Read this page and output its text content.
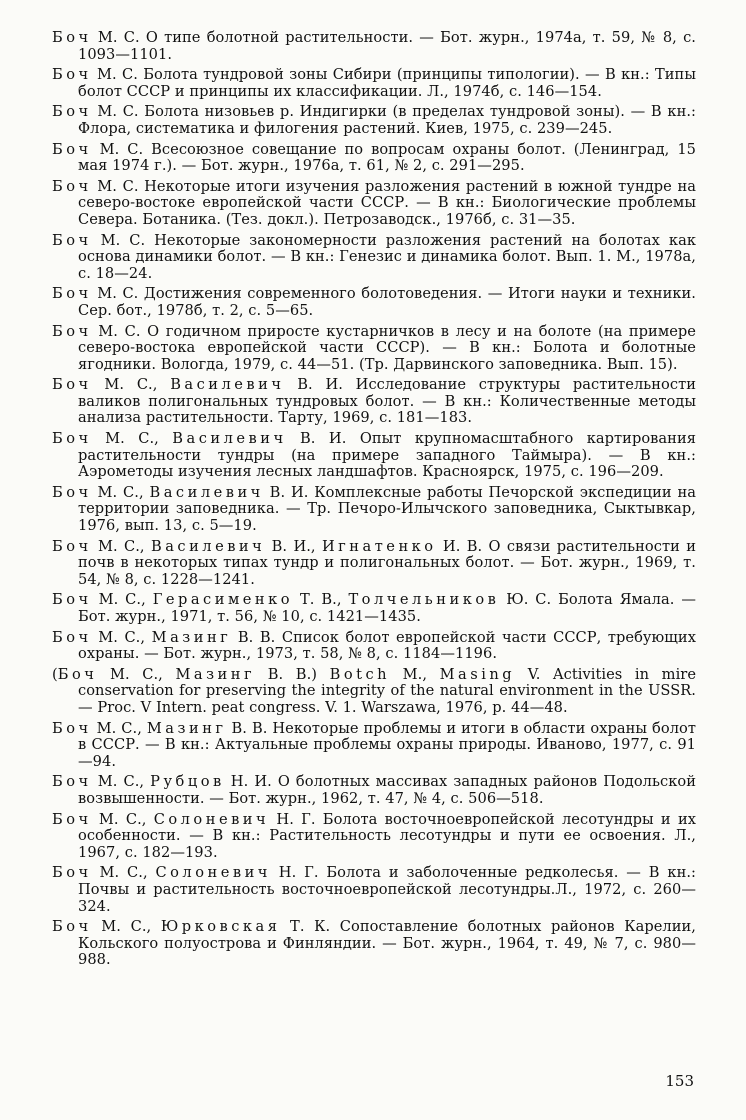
Боч М. С. О типе болотной растительности. — Бот. журн., 1974а, т. 59, № 8, с. 1093—1101.

Боч М. С. Болота тундровой зоны Сибири (принципы типологии). — В кн.: Типы болот СССР и принципы их классификации. Л., 1974б, с. 146—154.

Боч М. С. Болота низовьев р. Индигирки (в пределах тундровой зоны). — В кн.: Флора, систематика и филогения растений. Киев, 1975, с. 239—245.

Боч М. С. Всесоюзное совещание по вопросам охраны болот. (Ленинград, 15 мая 1974 г.). — Бот. журн., 1976а, т. 61, № 2, с. 291—295.

Боч М. С. Некоторые итоги изучения разложения растений в южной тундре на северо-востоке европейской части СССР. — В кн.: Биологические проблемы Севера. Ботаника. (Тез. докл.). Петрозаводск., 1976б, с. 31—35.

Боч М. С. Некоторые закономерности разложения растений на болотах как основа динамики болот. — В кн.: Генезис и динамика болот. Вып. 1. М., 1978а, с. 18—24.

Боч М. С. Достижения современного болотоведения. — Итоги науки и техники. Сер. бот., 1978б, т. 2, с. 5—65.

Боч М. С. О годичном приросте кустарничков в лесу и на болоте (на примере северо-востока европейской части СССР). — В кн.: Болота и болотные ягодники. Вологда, 1979, с. 44—51. (Тр. Дарвинского заповедника. Вып. 15).

Боч М. С., Василевич В. И. Исследование структуры растительности валиков полигональных тундровых болот. — В кн.: Количественные методы анализа растительности. Тарту, 1969, с. 181—183.

Боч М. С., Василевич В. И. Опыт крупномасштабного картирования растительности тундры (на примере западного Таймыра). — В кн.: Аэрометоды изучения лесных ландшафтов. Красноярск, 1975, с. 196—209.

Боч М. С., Василевич В. И. Комплексные работы Печорской экспедиции на территории заповедника. — Тр. Печоро-Илычского заповедника, Сыктывкар, 1976, вып. 13, с. 5—19.

Боч М. С., Василевич В. И., Игнатенко И. В. О связи растительности и почв в некоторых типах тундр и полигональных болот. — Бот. журн., 1969, т. 54, № 8, с. 1228—1241.

Боч М. С., Герасименко Т. В., Толчельников Ю. С. Болота Ямала. — Бот. журн., 1971, т. 56, № 10, с. 1421—1435.

Боч М. С., Мазинг В. В. Список болот европейской части СССР, требующих охраны. — Бот. журн., 1973, т. 58, № 8, с. 1184—1196.

(Боч М. С., Мазинг В. В.) Botch M., Masing V. Activities in mire conservation for preserving the integrity of the natural environment in the USSR. — Proc. V Intern. peat congress. V. 1. Warszawa, 1976, p. 44—48.

Боч М. С., Мазинг В. В. Некоторые проблемы и итоги в области охраны болот в СССР. — В кн.: Актуальные проблемы охраны природы. Иваново, 1977, с. 91—94.

Боч М. С., Рубцов Н. И. О болотных массивах западных районов Подольской возвышенности. — Бот. журн., 1962, т. 47, № 4, с. 506—518.

Боч М. С., Солоневич Н. Г. Болота восточноевропейской лесотундры и их особенности. — В кн.: Растительность лесотундры и пути ее освоения. Л., 1967, с. 182—193.

Боч М. С., Солоневич Н. Г. Болота и заболоченные редколесья. — В кн.: Почвы и растительность восточноевропейской лесотундры.Л., 1972, с. 260—324.

Боч М. С., Юрковская Т. К. Сопоставление болотных районов Карелии, Кольского полуострова и Финляндии. — Бот. журн., 1964, т. 49, № 7, с. 980—988.

153
